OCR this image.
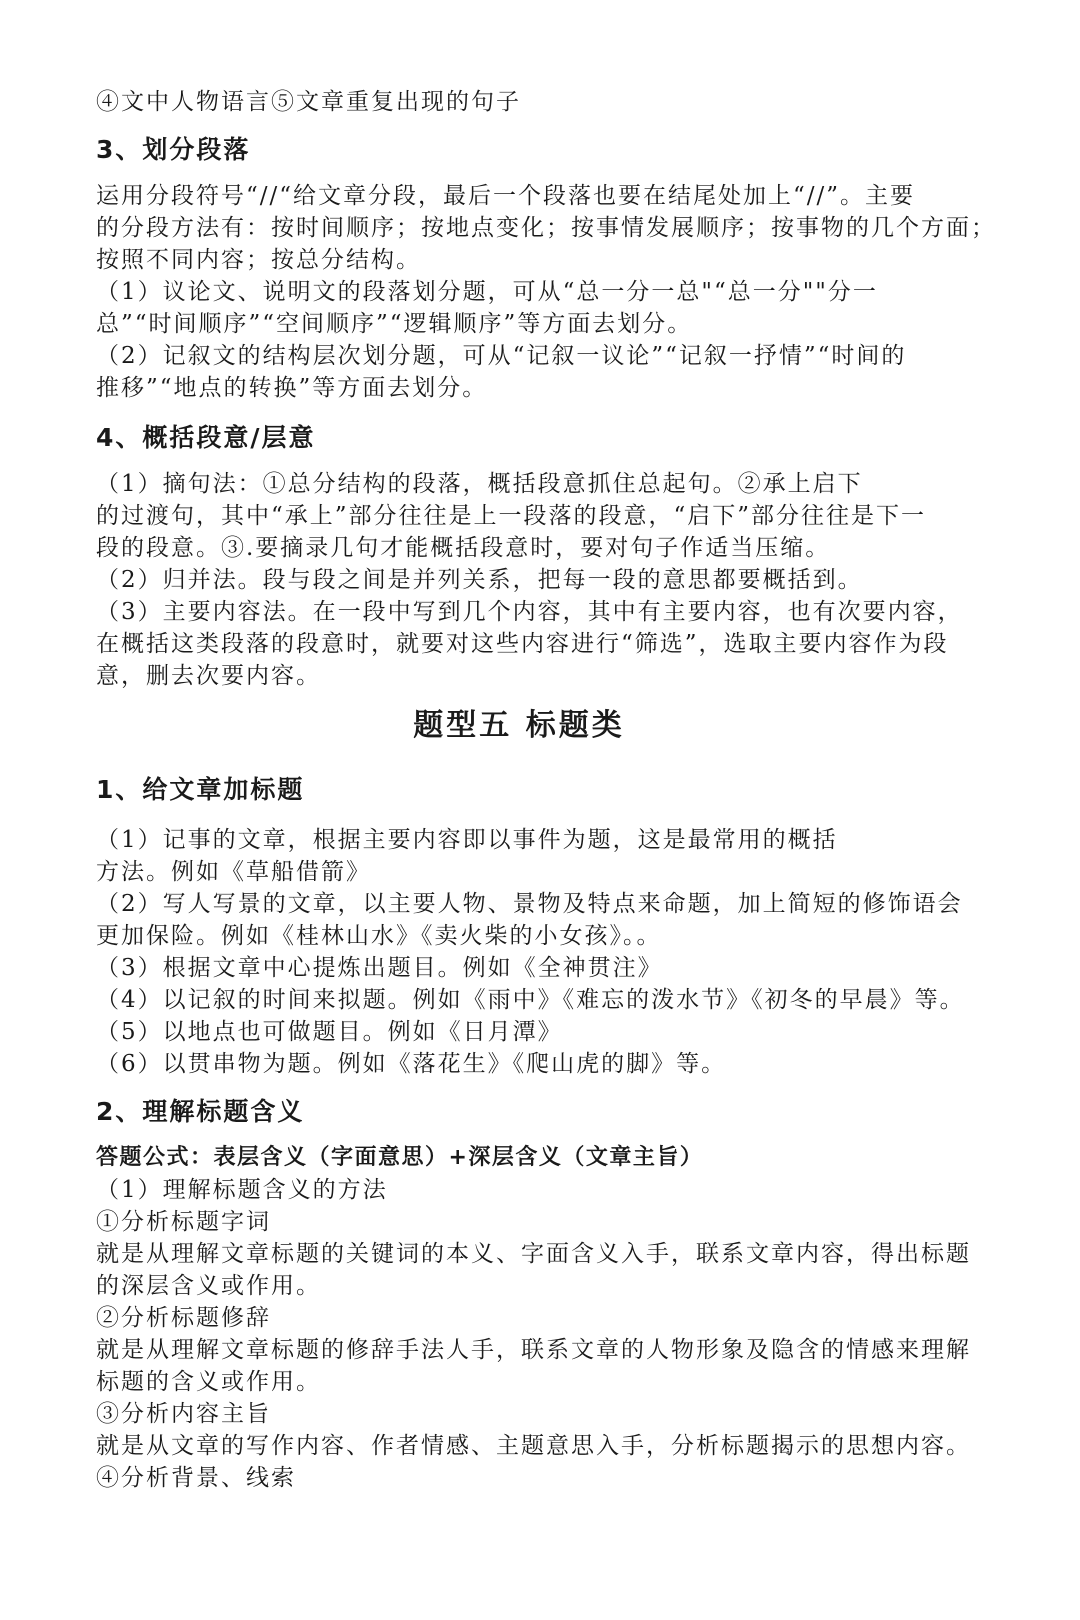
④文中人物语言⑤文章重复出现的句子
3、划分段落
运用分段符号“//“给文章分段，最后一个段落也要在结尾处加上“//”。主要
的分段方法有：按时间顺序；按地点变化；按事情发展顺序；按事物的几个方面；
按照不同内容；按总分结构。
（1）议论文、说明文的段落划分题，可从“总一分一总"“总一分""分一
总”“时间顺序”“空间顺序”“逻辑顺序”等方面去划分。
（2）记叙文的结构层次划分题，可从“记叙一议论”“记叙一抒情”“时间的
推移”“地点的转换”等方面去划分。
4、概括段意/层意
（1）摘句法：①总分结构的段落，概括段意抓住总起句。②承上启下
的过渡句，其中“承上”部分往往是上一段落的段意，“启下”部分往往是下一
段的段意。③.要摘录几句才能概括段意时，要对句子作适当压缩。
（2）归并法。段与段之间是并列关系，把每一段的意思都要概括到。
（3）主要内容法。在一段中写到几个内容，其中有主要内容，也有次要内容，
在概括这类段落的段意时，就要对这些内容进行“筛选”，选取主要内容作为段
意，删去次要内容。
题型五 标题类
1、给文章加标题
（1）记事的文章，根据主要内容即以事件为题，这是最常用的概括
方法。例如《草船借箭》
（2）写人写景的文章，以主要人物、景物及特点来命题，加上简短的修饰语会
更加保险。例如《桂林山水》《卖火柴的小女孩》。。
（3）根据文章中心提炼出题目。例如《全神贯注》
（4）以记叙的时间来拟题。例如《雨中》《难忘的泼水节》《初冬的早晨》等。
（5）以地点也可做题目。例如《日月潭》
（6）以贯串物为题。例如《落花生》《爬山虎的脚》等。
2、理解标题含义
答题公式：表层含义（字面意思）+深层含义（文章主旨）
（1）理解标题含义的方法
①分析标题字词
就是从理解文章标题的关键词的本义、字面含义入手，联系文章内容，得出标题
的深层含义或作用。
②分析标题修辞
就是从理解文章标题的修辞手法人手，联系文章的人物形象及隐含的情感来理解
标题的含义或作用。
③分析内容主旨
就是从文章的写作内容、作者情感、主题意思入手，分析标题揭示的思想内容。
④分析背景、线索
